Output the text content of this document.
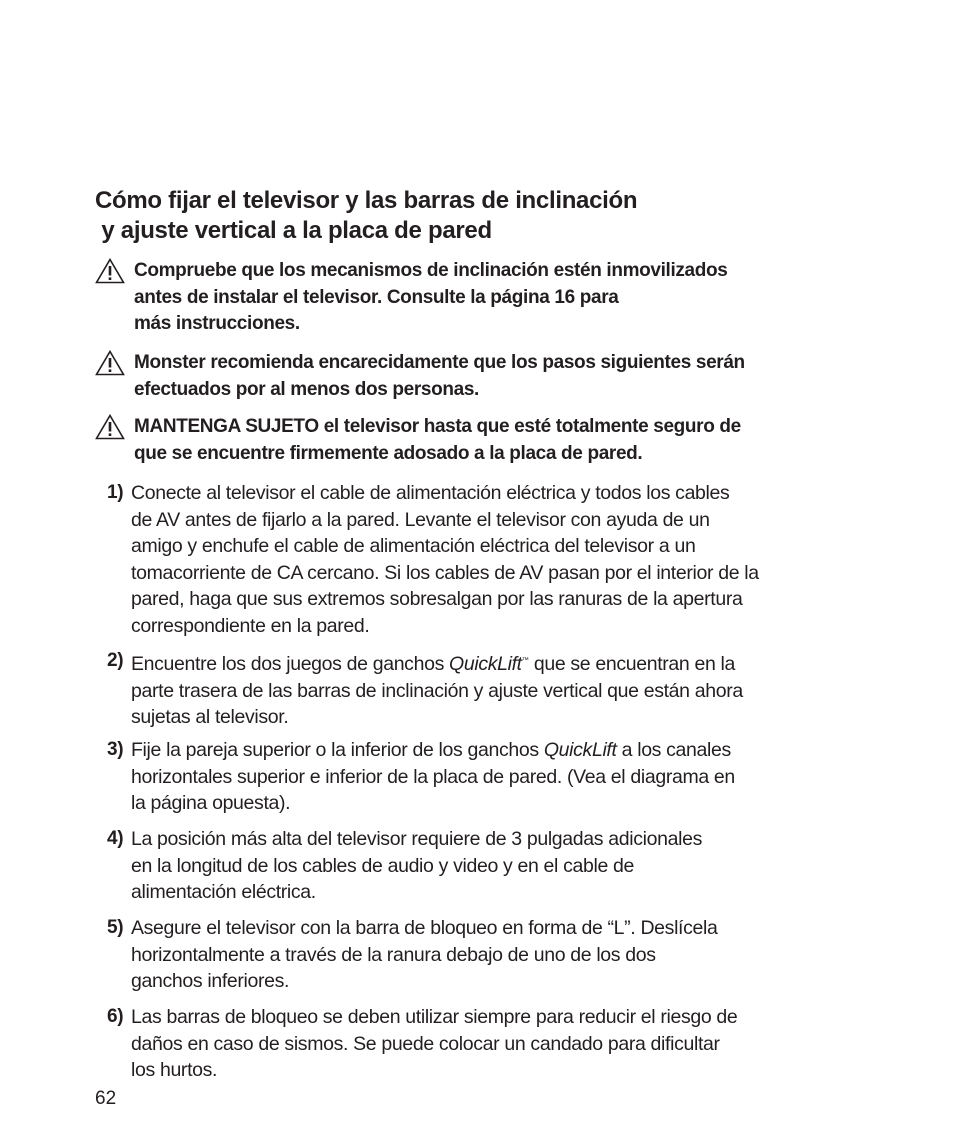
Cómo fijar el televisor y las barras de inclinación
y ajuste vertical a la placa de pared

Compruebe que los mecanismos de inclinación estén inmovilizados
antes de instalar el televisor. Consulte la página 16 para
más instrucciones.

Monster recomienda encarecidamente que los pasos siguientes serán
efectuados por al menos dos personas.

MANTENGA SUJETO el televisor hasta que esté totalmente seguro de
que se encuentre firmemente adosado a la placa de pared.

1) Conecte al televisor el cable de alimentación eléctrica y todos los cables
de AV antes de fijarlo a la pared. Levante el televisor con ayuda de un
amigo y enchufe el cable de alimentación eléctrica del televisor a un
tomacorriente de CA cercano. Si los cables de AV pasan por el interior de la
pared, haga que sus extremos sobresalgan por las ranuras de la apertura
correspondiente en la pared.

2) Encuentre los dos juegos de ganchos QuickLift™ que se encuentran en la
parte trasera de las barras de inclinación y ajuste vertical que están ahora
sujetas al televisor.

3) Fije la pareja superior o la inferior de los ganchos QuickLift a los canales
horizontales superior e inferior de la placa de pared. (Vea el diagrama en
la página opuesta).

4) La posición más alta del televisor requiere de 3 pulgadas adicionales
en la longitud de los cables de audio y video y en el cable de
alimentación eléctrica.

5) Asegure el televisor con la barra de bloqueo en forma de “L”. Deslícela
horizontalmente a través de la ranura debajo de uno de los dos
ganchos inferiores.

6) Las barras de bloqueo se deben utilizar siempre para reducir el riesgo de
daños en caso de sismos. Se puede colocar un candado para dificultar
los hurtos.

62
